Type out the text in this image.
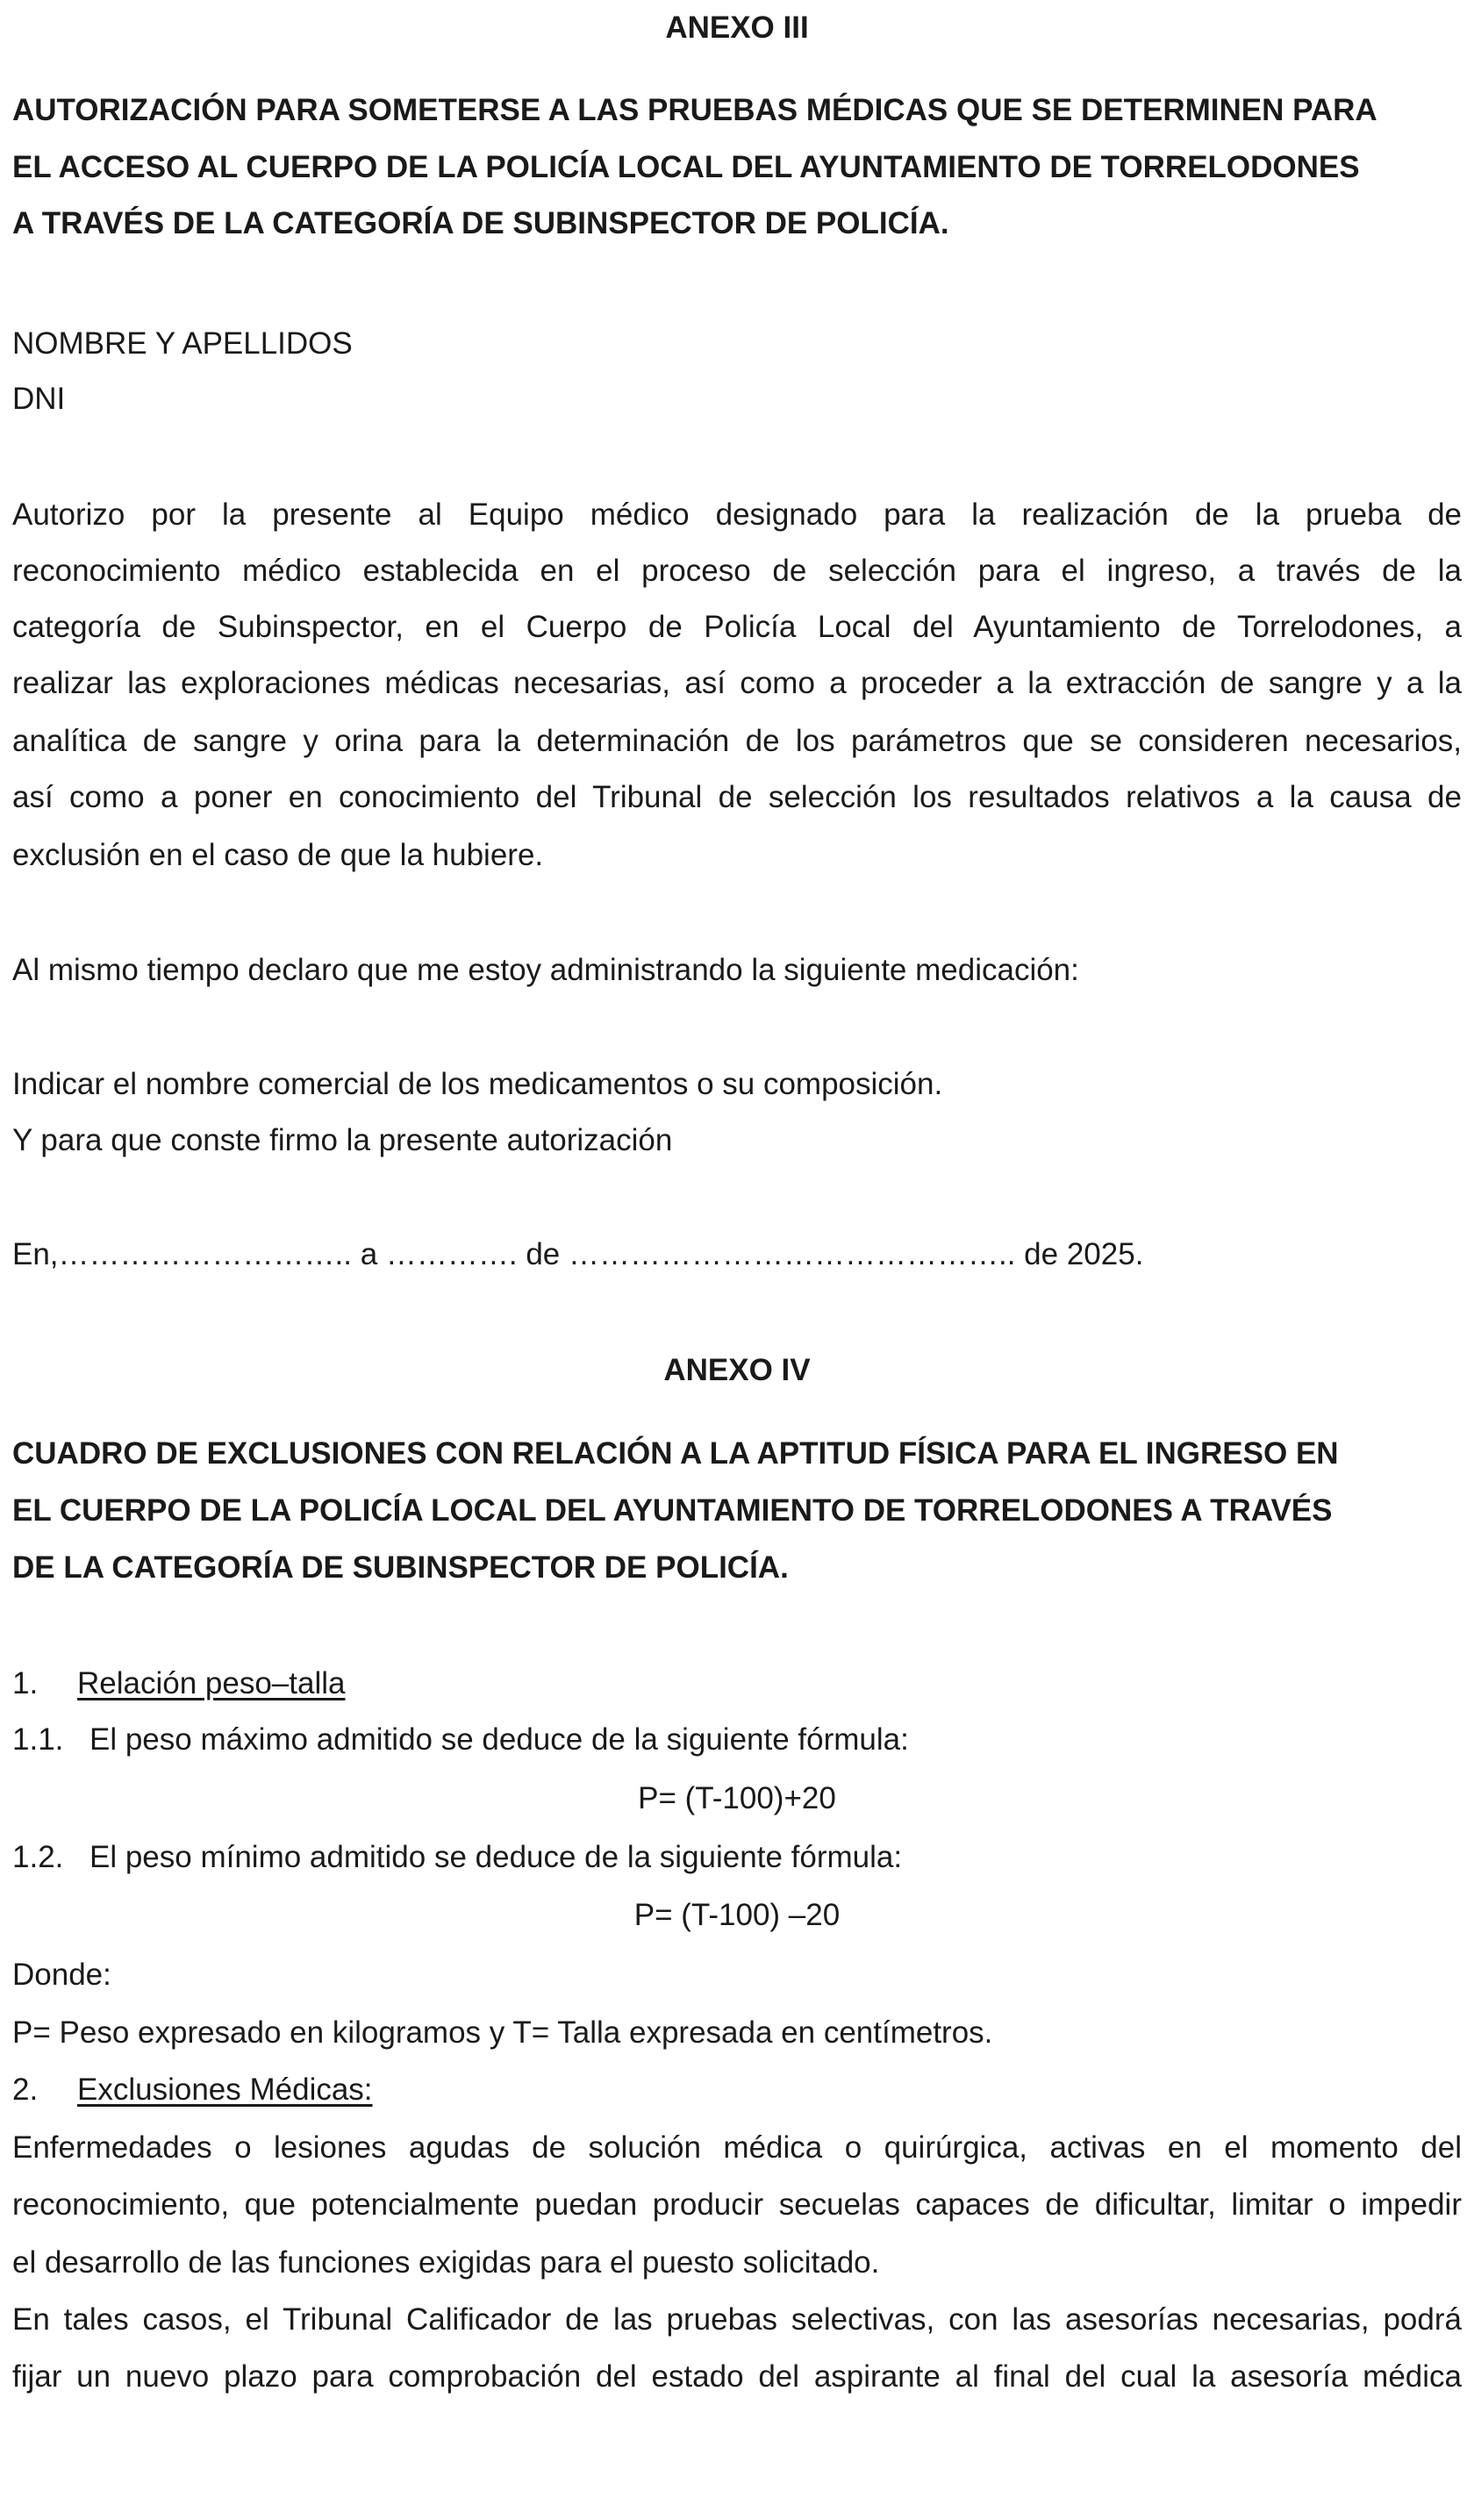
ANEXO III
AUTORIZACIÓN PARA SOMETERSE A LAS PRUEBAS MÉDICAS QUE SE DETERMINEN PARA
EL ACCESO AL CUERPO DE LA POLICÍA LOCAL DEL AYUNTAMIENTO DE TORRELODONES
A TRAVÉS DE LA CATEGORÍA DE SUBINSPECTOR DE POLICÍA.
NOMBRE Y APELLIDOS
DNI
Autorizo por la presente al Equipo médico designado para la realización de la prueba de
reconocimiento médico establecida en el proceso de selección para el ingreso, a través de la
categoría de Subinspector, en el Cuerpo de Policía Local del Ayuntamiento de Torrelodones, a
realizar las exploraciones médicas necesarias, así como a proceder a la extracción de sangre y a la
analítica de sangre y orina para la determinación de los parámetros que se consideren necesarios,
así como a poner en conocimiento del Tribunal de selección los resultados relativos a la causa de
exclusión en el caso de que la hubiere.
Al mismo tiempo declaro que me estoy administrando la siguiente medicación:
Indicar el nombre comercial de los medicamentos o su composición.
Y para que conste firmo la presente autorización
En,……………………….. a …………. de …………………………………….. de 2025.
ANEXO IV
CUADRO DE EXCLUSIONES CON RELACIÓN A LA APTITUD FÍSICA PARA EL INGRESO EN
EL CUERPO DE LA POLICÍA LOCAL DEL AYUNTAMIENTO DE TORRELODONES A TRAVÉS
DE LA CATEGORÍA DE SUBINSPECTOR DE POLICÍA.
1. Relación peso–talla
1.1. El peso máximo admitido se deduce de la siguiente fórmula:
P= (T-100)+20
1.2. El peso mínimo admitido se deduce de la siguiente fórmula:
P= (T-100) –20
Donde:
P= Peso expresado en kilogramos y T= Talla expresada en centímetros.
2. Exclusiones Médicas:
Enfermedades o lesiones agudas de solución médica o quirúrgica, activas en el momento del
reconocimiento, que potencialmente puedan producir secuelas capaces de dificultar, limitar o impedir
el desarrollo de las funciones exigidas para el puesto solicitado.
En tales casos, el Tribunal Calificador de las pruebas selectivas, con las asesorías necesarias, podrá
fijar un nuevo plazo para comprobación del estado del aspirante al final del cual la asesoría médica
